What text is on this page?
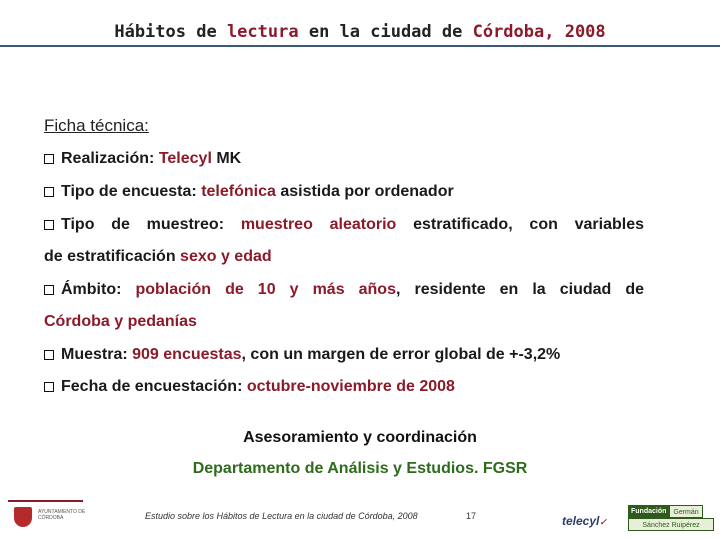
Hábitos de lectura en la ciudad de Córdoba, 2008
Ficha técnica:
Realización: Telecyl MK
Tipo de encuesta: telefónica asistida por ordenador
Tipo de muestreo: muestreo aleatorio estratificado, con variables
de estratificación sexo y edad
Ámbito: población de 10 y más años, residente en la ciudad de
Córdoba y pedanías
Muestra: 909 encuestas, con un margen de error global de +-3,2%
Fecha de encuestación: octubre-noviembre de 2008
Asesoramiento y coordinación
Departamento de Análisis y Estudios. FGSR
AYUNTAMIENTO DE CÓRDOBA	Estudio sobre los Hábitos de Lectura en la ciudad de Córdoba, 2008	17	telecyl✓
Fundación	Germán
Sánchez Ruipérez
